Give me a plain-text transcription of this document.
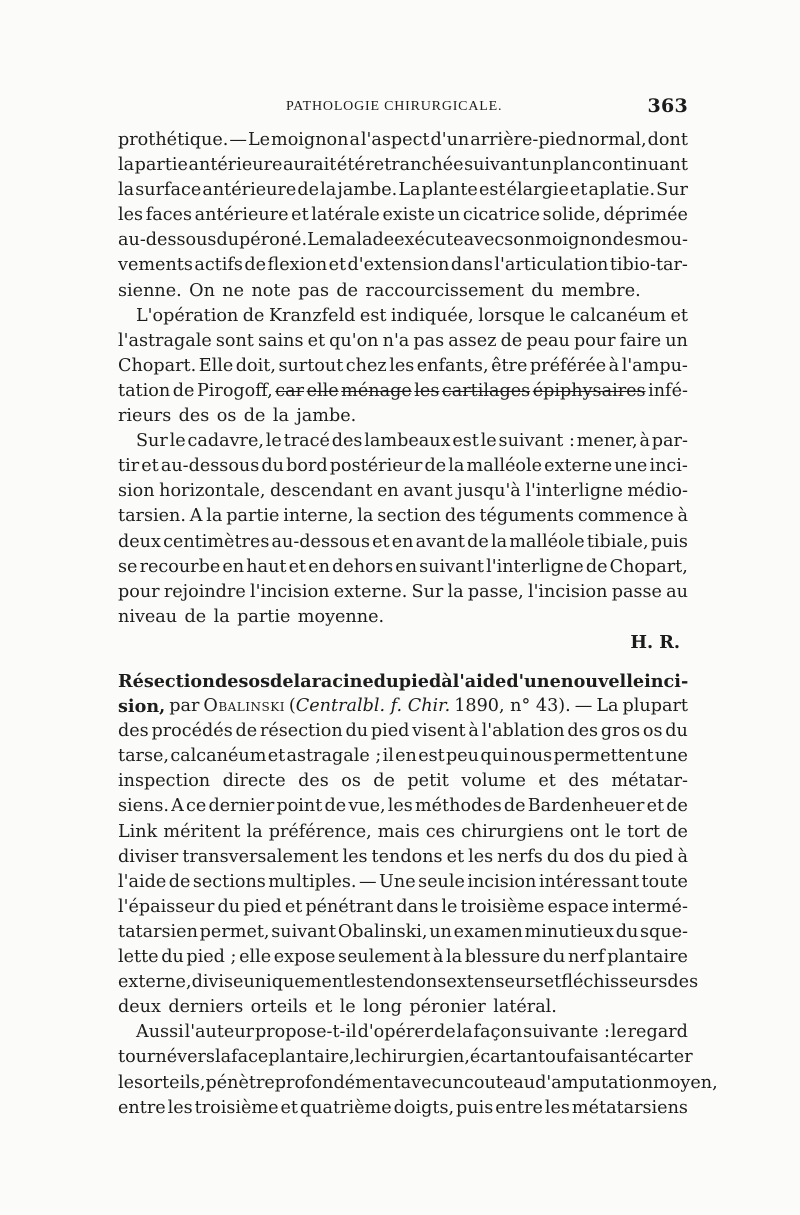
PATHOLOGIE CHIRURGICALE.	363
prothétique. — Le moignon a l'aspect d'un arrière-pied normal, dont
la partie antérieure aurait été retranchée suivant un plan continuant
la surface antérieure de la jambe. La plante est élargie et aplatie. Sur
les faces antérieure et latérale existe un cicatrice solide, déprimée
au-dessous du péroné. Le malade exécute avec son moignon des mou-
vements actifs de flexion et d'extension dans l'articulation tibio-tar-
sienne. On ne note pas de raccourcissement du membre.
L'opération de Kranzfeld est indiquée, lorsque le calcanéum et
l'astragale sont sains et qu'on n'a pas assez de peau pour faire un
Chopart. Elle doit, surtout chez les enfants, être préférée à l'ampu-
tation de Pirogoff, car elle ménage les cartilages épiphysaires infé-
rieurs des os de la jambe.
Sur le cadavre, le tracé des lambeaux est le suivant : mener, à par-
tir et au-dessous du bord postérieur de la malléole externe une inci-
sion horizontale, descendant en avant jusqu'à l'interligne médio-
tarsien. A la partie interne, la section des téguments commence à
deux centimètres au-dessous et en avant de la malléole tibiale, puis
se recourbe en haut et en dehors en suivant l'interligne de Chopart,
pour rejoindre l'incision externe. Sur la passe, l'incision passe au
niveau de la partie moyenne.
H. R.
Résection des os de la racine du pied à l'aide d'une nouvelle inci-
sion, par Obalinski (Centralbl. f. Chir. 1890, n° 43). — La plupart
des procédés de résection du pied visent à l'ablation des gros os du
tarse, calcanéum et astragale ; il en est peu qui nous permettent une
inspection directe des os de petit volume et des métatar-
siens. A ce dernier point de vue, les méthodes de Bardenheuer et de
Link méritent la préférence, mais ces chirurgiens ont le tort de
diviser transversalement les tendons et les nerfs du dos du pied à
l'aide de sections multiples. — Une seule incision intéressant toute
l'épaisseur du pied et pénétrant dans le troisième espace intermé-
tatarsien permet, suivant Obalinski, un examen minutieux du sque-
lette du pied ; elle expose seulement à la blessure du nerf plantaire
externe, divise uniquement les tendons extenseurs et fléchisseurs des
deux derniers orteils et le long péronier latéral.
Aussi l'auteur propose-t-il d'opérer de la façon suivante : le regard
tourné vers la face plantaire, le chirurgien, écartant ou faisant écarter
les orteils, pénètre profondément avec un couteau d'amputation moyen,
entre les troisième et quatrième doigts, puis entre les métatarsiens
